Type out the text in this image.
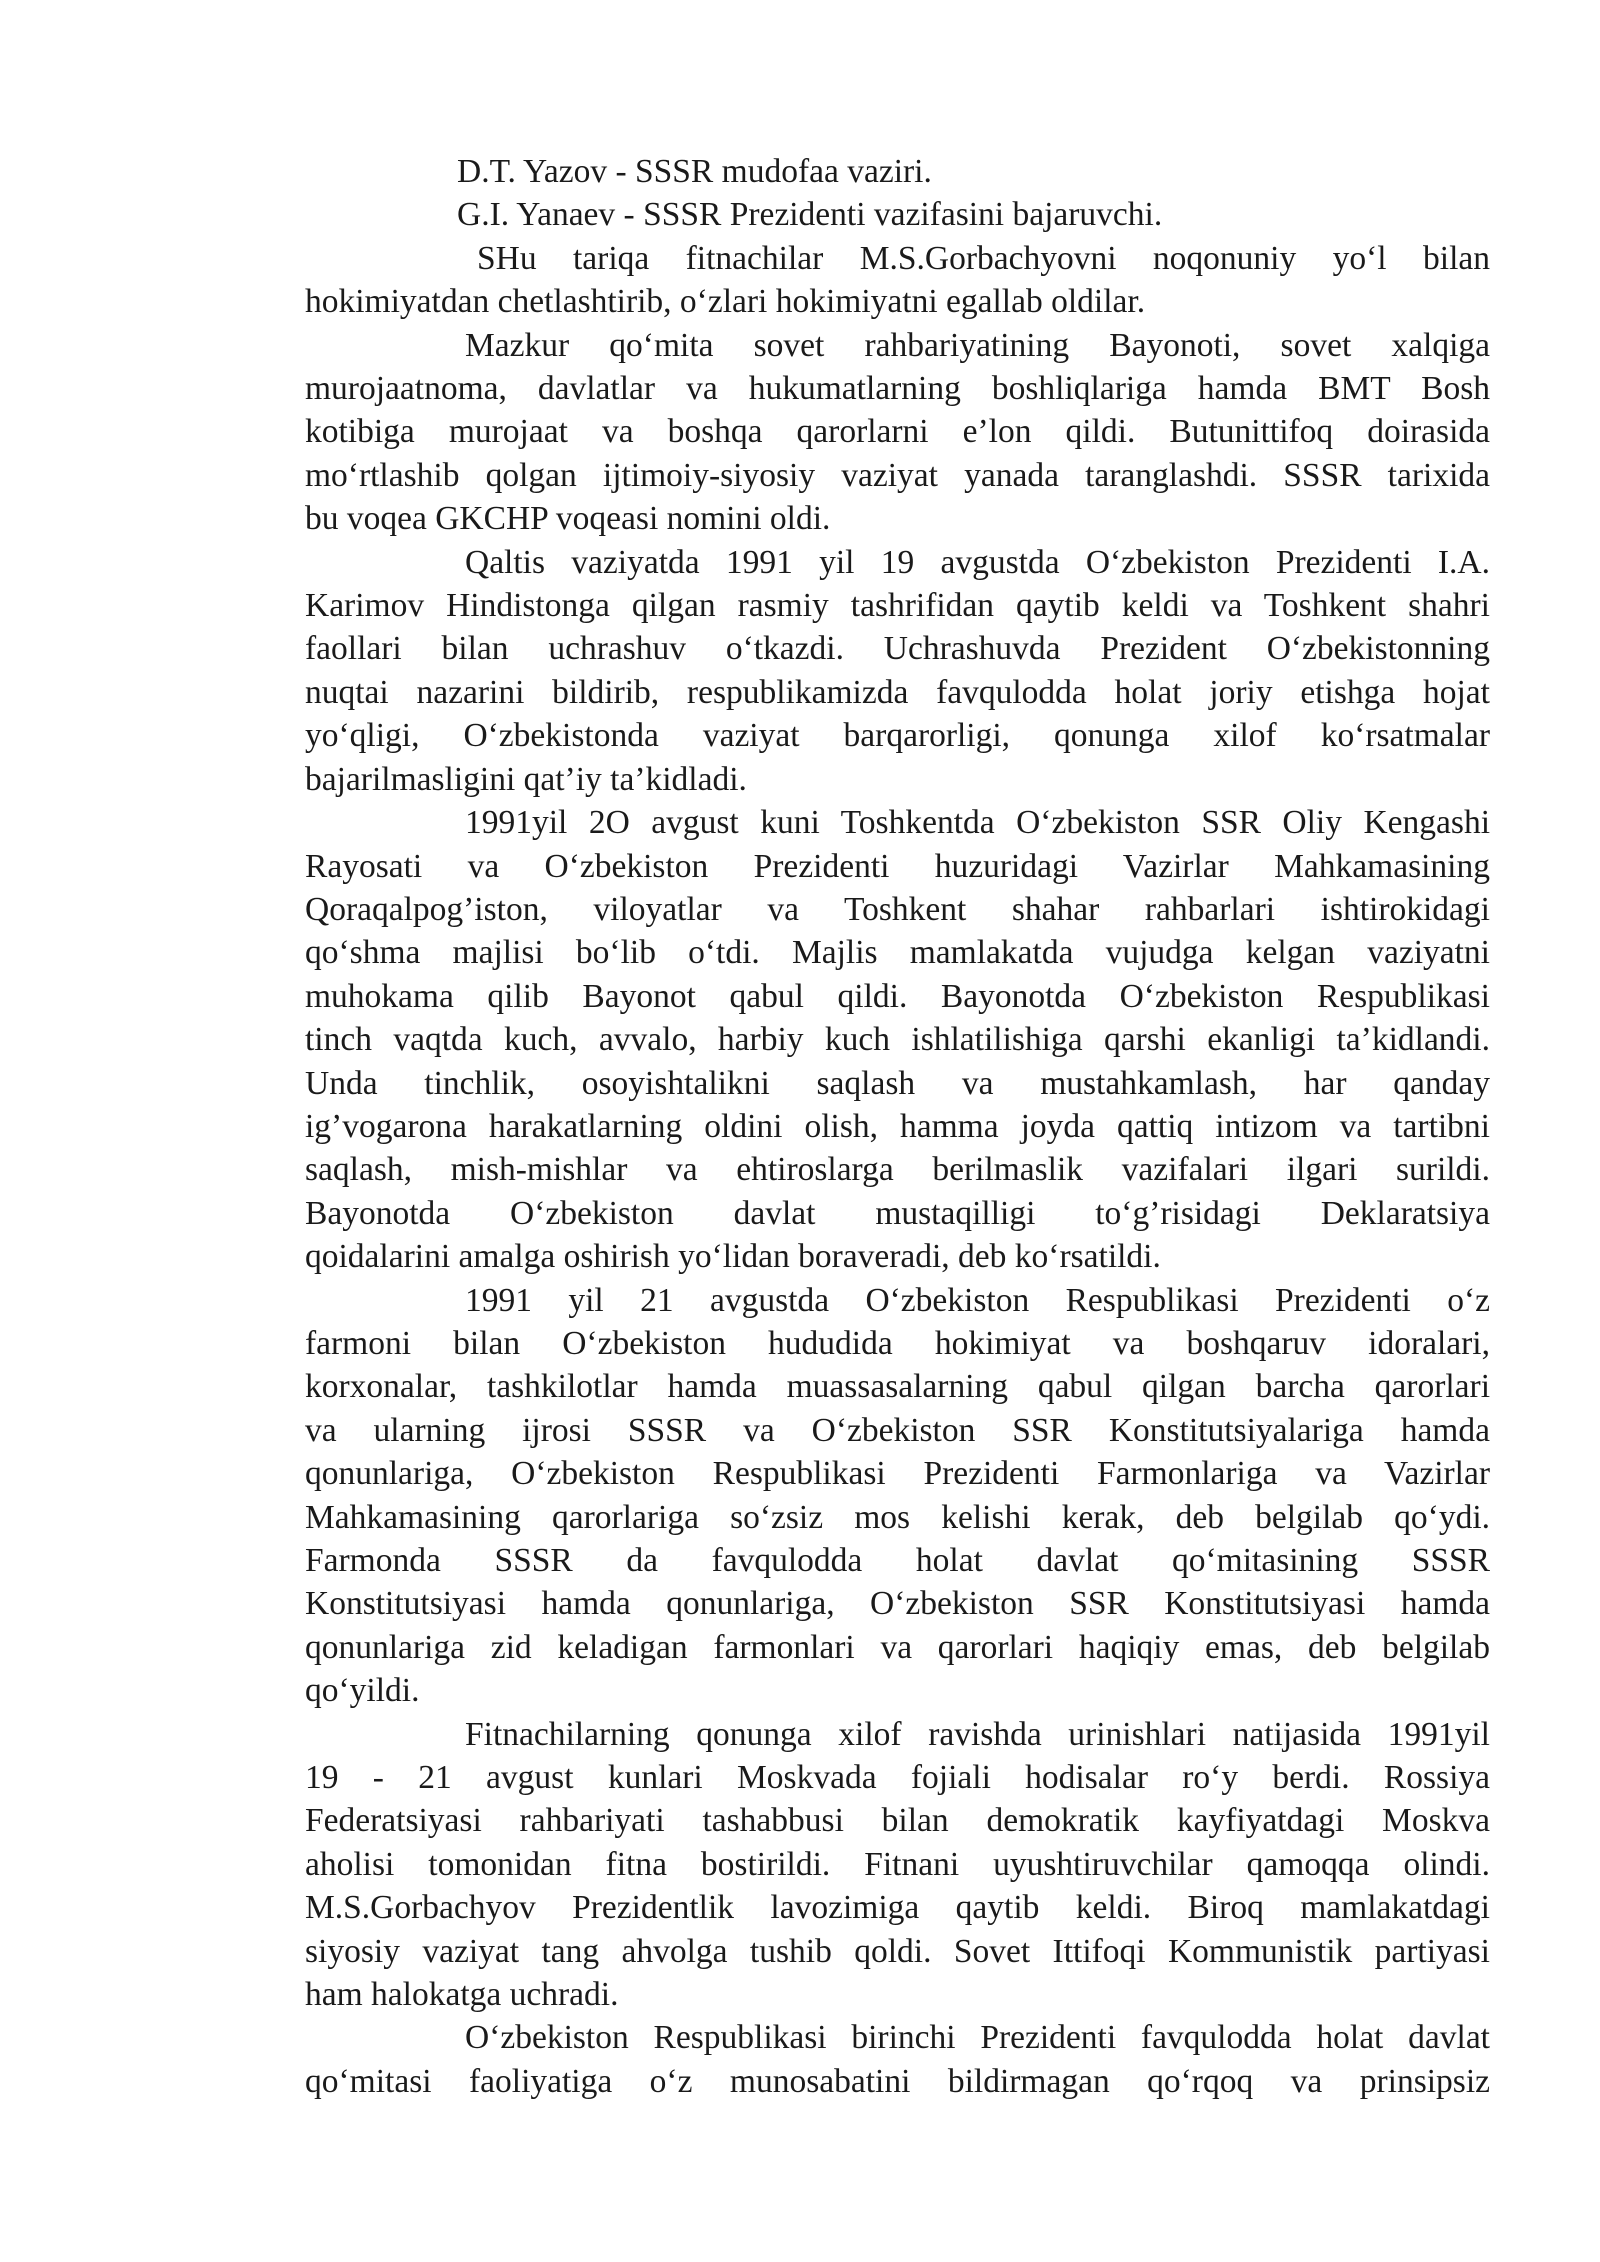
D.T. Yazov - SSSR mudofaa vaziri.
G.I. Yanaev - SSSR Prezidenti vazifasini bajaruvchi.
SHu tariqa fitnachilar M.S.Gorbachyovni noqonuniy yo‘l bilan
hokimiyatdan chetlashtirib, o‘zlari hokimiyatni egallab oldilar.
Mazkur qo‘mita sovet rahbariyatining Bayonoti, sovet xalqiga
murojaatnoma, davlatlar va hukumatlarning boshliqlariga hamda BMT Bosh
kotibiga murojaat va boshqa qarorlarni e’lon qildi. Butunittifoq doirasida
mo‘rtlashib qolgan ijtimoiy-siyosiy vaziyat yanada taranglashdi. SSSR tarixida
bu voqea GKCHP voqeasi nomini oldi.
Qaltis vaziyatda 1991 yil 19 avgustda O‘zbekiston Prezidenti I.A.
Karimov Hindistonga qilgan rasmiy tashrifidan qaytib keldi va Toshkent shahri
faollari bilan uchrashuv o‘tkazdi. Uchrashuvda Prezident O‘zbekistonning
nuqtai nazarini bildirib, respublikamizda favqulodda holat joriy etishga hojat
yo‘qligi, O‘zbekistonda vaziyat barqarorligi, qonunga xilof ko‘rsatmalar
bajarilmasligini qat’iy ta’kidladi.
1991yil 2O avgust kuni Toshkentda O‘zbekiston SSR Oliy Kengashi
Rayosati va O‘zbekiston Prezidenti huzuridagi Vazirlar Mahkamasining
Qoraqalpog’iston, viloyatlar va Toshkent shahar rahbarlari ishtirokidagi
qo‘shma majlisi bo‘lib o‘tdi. Majlis mamlakatda vujudga kelgan vaziyatni
muhokama qilib Bayonot qabul qildi. Bayonotda O‘zbekiston Respublikasi
tinch vaqtda kuch, avvalo, harbiy kuch ishlatilishiga qarshi ekanligi ta’kidlandi.
Unda tinchlik, osoyishtalikni saqlash va mustahkamlash, har qanday
ig’vogarona harakatlarning oldini olish, hamma joyda qattiq intizom va tartibni
saqlash, mish-mishlar va ehtiroslarga berilmaslik vazifalari ilgari surildi.
Bayonotda O‘zbekiston davlat mustaqilligi to‘g’risidagi Deklaratsiya
qoidalarini amalga oshirish yo‘lidan boraveradi, deb ko‘rsatildi.
1991 yil 21 avgustda O‘zbekiston Respublikasi Prezidenti o‘z
farmoni bilan O‘zbekiston hududida hokimiyat va boshqaruv idoralari,
korxonalar, tashkilotlar hamda muassasalarning qabul qilgan barcha qarorlari
va ularning ijrosi SSSR va O‘zbekiston SSR Konstitutsiyalariga hamda
qonunlariga, O‘zbekiston Respublikasi Prezidenti Farmonlariga va Vazirlar
Mahkamasining qarorlariga so‘zsiz mos kelishi kerak, deb belgilab qo‘ydi.
Farmonda SSSR da favqulodda holat davlat qo‘mitasining SSSR
Konstitutsiyasi hamda qonunlariga, O‘zbekiston SSR Konstitutsiyasi hamda
qonunlariga zid keladigan farmonlari va qarorlari haqiqiy emas, deb belgilab
qo‘yildi.
Fitnachilarning qonunga xilof ravishda urinishlari natijasida 1991yil
19 - 21 avgust kunlari Moskvada fojiali hodisalar ro‘y berdi. Rossiya
Federatsiyasi rahbariyati tashabbusi bilan demokratik kayfiyatdagi Moskva
aholisi tomonidan fitna bostirildi. Fitnani uyushtiruvchilar qamoqqa olindi.
M.S.Gorbachyov Prezidentlik lavozimiga qaytib keldi. Biroq mamlakatdagi
siyosiy vaziyat tang ahvolga tushib qoldi. Sovet Ittifoqi Kommunistik partiyasi
ham halokatga uchradi.
O‘zbekiston Respublikasi birinchi Prezidenti favqulodda holat davlat
qo‘mitasi faoliyatiga o‘z munosabatini bildirmagan qo‘rqoq va prinsipsiz
